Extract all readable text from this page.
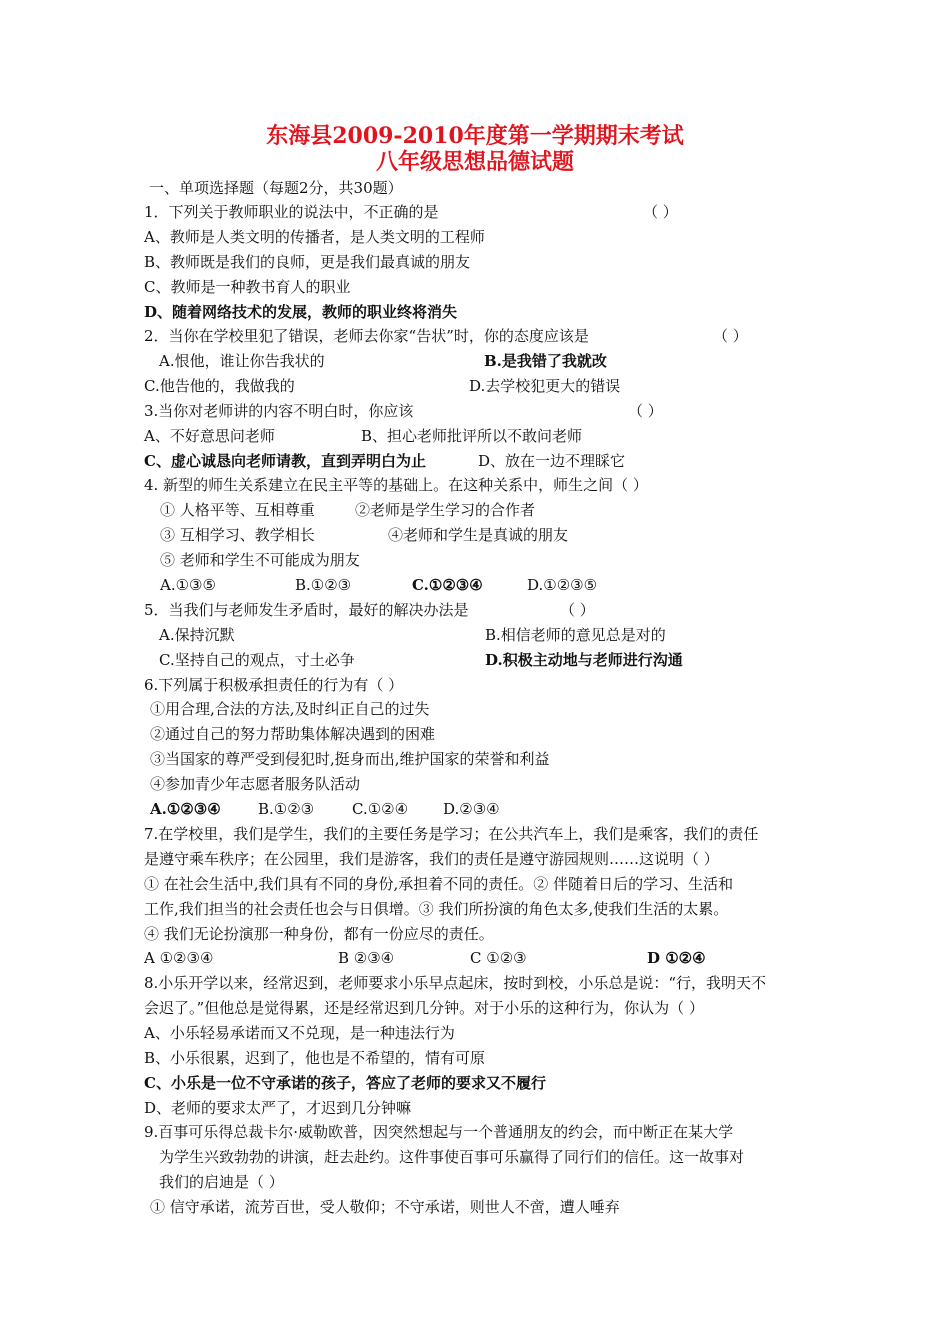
东海县2009-2010年度第一学期期末考试
八年级思想品德试题
一、单项选择题（每题2分，共30题）
1．下列关于教师职业的说法中，不正确的是	（ ）
A、教师是人类文明的传播者，是人类文明的工程师
B、教师既是我们的良师，更是我们最真诚的朋友
C、教师是一种教书育人的职业
D、随着网络技术的发展，教师的职业终将消失
2．当你在学校里犯了错误，老师去你家“告状”时，你的态度应该是	（ ）
A.恨他，谁让你告我状的	B.是我错了我就改
C.他告他的，我做我的	D.去学校犯更大的错误
3.当你对老师讲的内容不明白时，你应该	（ ）
A、不好意思问老师	B、担心老师批评所以不敢问老师
C、虚心诚恳向老师请教，直到弄明白为止	D、放在一边不理睬它
4. 新型的师生关系建立在民主平等的基础上。在这种关系中，师生之间（ ）
① 人格平等、互相尊重	②老师是学生学习的合作者
③ 互相学习、教学相长	④老师和学生是真诚的朋友
⑤ 老师和学生不可能成为朋友
A.①③⑤	B.①②③	C.①②③④	D.①②③⑤
5．当我们与老师发生矛盾时，最好的解决办法是	（ ）
A.保持沉默	B.相信老师的意见总是对的
C.坚持自己的观点，寸土必争	D.积极主动地与老师进行沟通
6.下列属于积极承担责任的行为有（ ）
①用合理,合法的方法,及时纠正自己的过失
②通过自己的努力帮助集体解决遇到的困难
③当国家的尊严受到侵犯时,挺身而出,维护国家的荣誉和利益
④参加青少年志愿者服务队活动
A.①②③④ B.①②③	C.①②④ D.②③④
7.在学校里，我们是学生，我们的主要任务是学习；在公共汽车上，我们是乘客，我们的责任
是遵守乘车秩序；在公园里，我们是游客，我们的责任是遵守游园规则……这说明（ ）
① 在社会生活中,我们具有不同的身份,承担着不同的责任。② 伴随着日后的学习、生活和
工作,我们担当的社会责任也会与日俱增。③ 我们所扮演的角色太多,使我们生活的太累。
④ 我们无论扮演那一种身份，都有一份应尽的责任。
A ①②③④	B ②③④	C ①②③	D ①②④
8.小乐开学以来，经常迟到，老师要求小乐早点起床，按时到校，小乐总是说：“行，我明天不
会迟了。”但他总是觉得累，还是经常迟到几分钟。对于小乐的这种行为，你认为（ ）
A、小乐轻易承诺而又不兑现，是一种违法行为
B、小乐很累，迟到了，他也是不希望的，情有可原
C、小乐是一位不守承诺的孩子，答应了老师的要求又不履行
D、老师的要求太严了，才迟到几分钟嘛
9.百事可乐得总裁卡尔·威勒欧普，因突然想起与一个普通朋友的约会，而中断正在某大学
为学生兴致勃勃的讲演，赶去赴约。这件事使百事可乐赢得了同行们的信任。这一故事对
我们的启迪是（ ）
① 信守承诺，流芳百世，受人敬仰；不守承诺，则世人不啻，遭人唾弃
